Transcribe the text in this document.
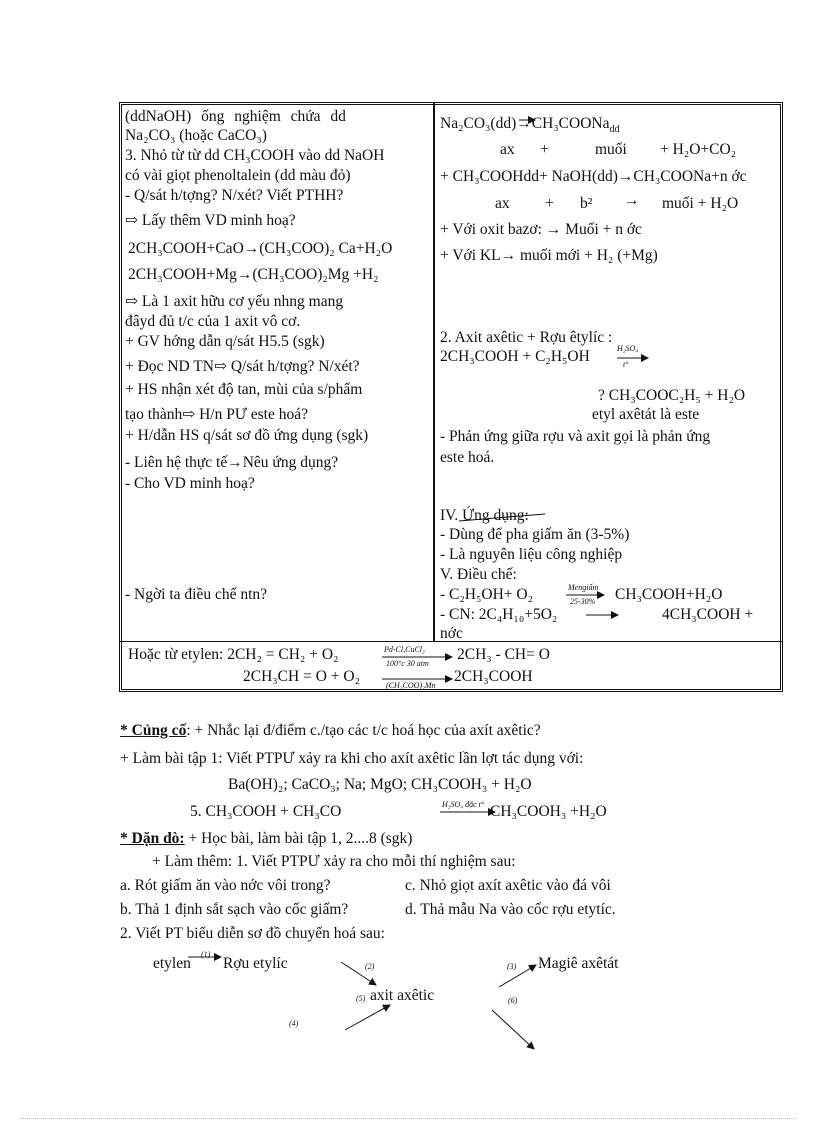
(ddNaOH) ống nghiệm chứa dd
Na₂CO₃ (hoặc CaCO₃)
3. Nhỏ từ từ dd CH₃COOH vào dd NaOH
có vài giọt phenoltalein (dd màu đỏ)
- Q/sát h/tợng? N/xét? Viết PTHH?
⇨ Lấy thêm VD minh hoạ?
2CH₃COOH+CaO→(CH₃COO)₂ Ca+H₂O
2CH₃COOH+Mg→(CH₃COO)₂Mg +H₂
⇨ Là 1 axit hữu cơ yếu nhng mang
đâyd đủ t/c của 1 axit vô cơ.
+ GV hớng dẫn q/sát H5.5 (sgk)
+ Đọc ND TN⇨ Q/sát h/tợng? N/xét?
+ HS nhận xét độ tan, mùi của s/phẩm
tạo thành⇨ H/n PƯ este hoá?
+ H/dẫn HS q/sát sơ đồ ứng dụng (sgk)
- Liên hệ thực tế→Nêu ứng dụng?
- Cho VD minh hoạ?
- Ngời ta điều chế ntn?
Na₂CO₃(dd)→CH₃COONa$_{dd}$
ax +	muối + H₂O+CO₂
+ CH₃COOHdd+ NaOH(dd)→CH₃COONa+n ớc
ax + b² → muối + H₂O
+ Với oxit bazơ: → Muối + n ớc
+ Với KL→ muối mới + H₂ (+Mg)
2. Axit axêtic + Rợu êtylíc :
2CH₃COOH + C₂H₅OH	H₂SO₄
t°
? CH₃COOC₂H₅ + H₂O
etyl axêtát là este
- Phản ứng giữa rợu và axit gọi là phản ứng
este hoá.
IV. Ứng dụng:
- Dùng để pha giấm ăn (3-5%)
- Là nguyên liệu công nghiệp
V. Điều chế:
- C₂H₅OH+ O₂	Mengiấm
25-30% CH₃COOH+H₂O
- CN: 2C₄H₁₀+5O₂	4CH₃COOH +
nớc
Hoặc từ etylen: 2CH₂ = CH₂ + O₂	Pd-Cl,CuCl₂
100°c 30 atm
2CH₃ - CH= O
2CH₃CH = O + O₂
(CH₃COO)₂Mn
2CH₃COOH
* Củng cố: + Nhắc lại đ/điểm c./tạo các t/c hoá học của axít axêtic?
+ Làm bài tập 1: Viết PTPƯ xảy ra khi cho axít axêtic lần lợt tác dụng với:
Ba(OH)₂; CaCO₃; Na; MgO; CH₃COOH₃ + H₂O
5. CH₃COOH + CH₃CO	H₂SO₄ đặc t° CH₃COOH₃ +H₂O
* Dặn dò: + Học bài, làm bài tập 1, 2....8 (sgk)
+ Làm thêm: 1. Viết PTPƯ xảy ra cho mỗi thí nghiệm sau:
a. Rót giấm ăn vào nớc vôi trong?	c. Nhỏ giọt axít axêtic vào đá vôi
b. Thả 1 định sắt sạch vào cốc giấm?	d. Thả mẫu Na vào cốc rợu etytíc.
2. Viết PT biểu diễn sơ đồ chuyển hoá sau:
etylen
(1)
Rợu etylíc	(2)	(3) Magiê axêtát
(5) axit axêtic	(6)
(4)
